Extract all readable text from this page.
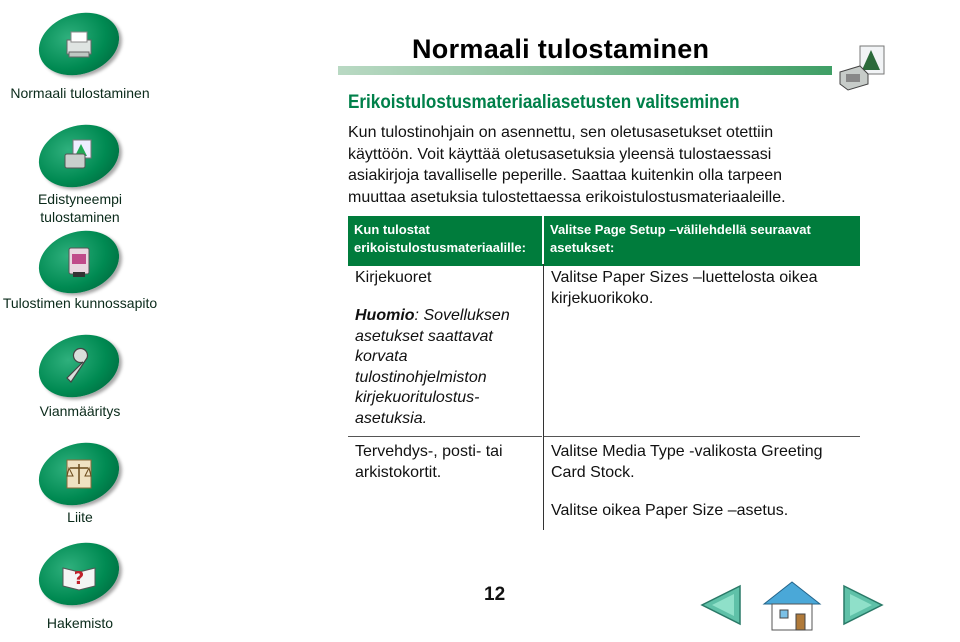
Normaali tulostaminen
Edistyneempi tulostaminen
Tulostimen kunnossapito
Vianmääritys
Liite
?
Hakemisto
Normaali tulostaminen
Erikoistulostusmateriaaliasetusten valitseminen
Kun tulostinohjain on asennettu, sen oletusasetukset otettiin käyttöön. Voit käyttää oletusasetuksia yleensä tulostaessasi asiakirjoja tavalliselle peperille. Saattaa kuitenkin olla tarpeen muuttaa asetuksia tulostettaessa erikoistulostusmateriaaleille.
Kun tulostat erikoistulostusmateriaalille:
Valitse Page Setup –välilehdellä seuraavat asetukset:
Kirjekuoret
Huomio: Sovelluksen asetukset saattavat korvata tulostinohjelmiston kirjekuoritulostus-asetuksia.
Valitse Paper Sizes –luettelosta oikea kirjekuorikoko.
Tervehdys-, posti- tai arkistokortit.
Valitse Media Type -valikosta Greeting Card Stock.
Valitse oikea Paper Size –asetus.
12
